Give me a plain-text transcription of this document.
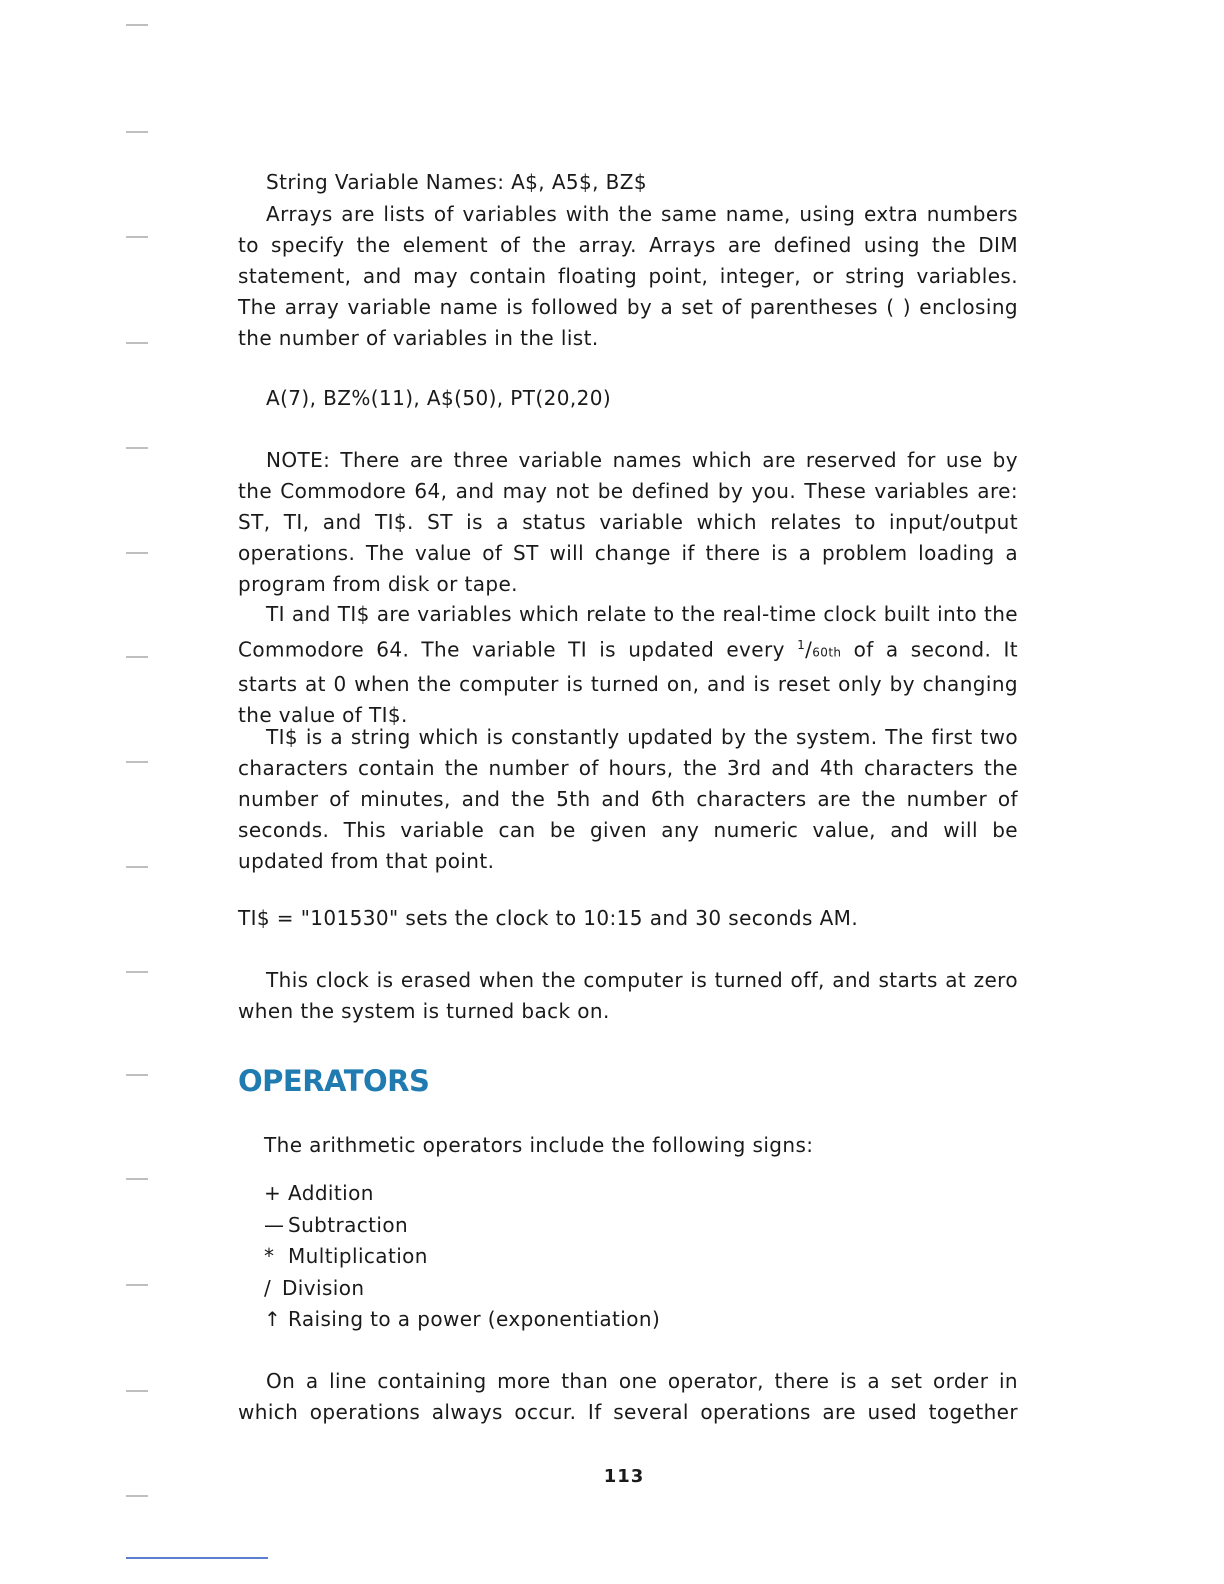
String Variable Names: A$, A5$, BZ$

Arrays are lists of variables with the same name, using extra numbers to specify the element of the array. Arrays are defined using the DIM statement, and may contain floating point, integer, or string variables. The array variable name is followed by a set of parentheses ( ) enclosing the number of variables in the list.

A(7), BZ%(11), A$(50), PT(20,20)

NOTE: There are three variable names which are reserved for use by the Commodore 64, and may not be defined by you. These variables are: ST, TI, and TI$. ST is a status variable which relates to input/output operations. The value of ST will change if there is a problem loading a program from disk or tape.

TI and TI$ are variables which relate to the real-time clock built into the Commodore 64. The variable TI is updated every $^1$/60th of a second. It starts at 0 when the computer is turned on, and is reset only by changing the value of TI$.

TI$ is a string which is constantly updated by the system. The first two characters contain the number of hours, the 3rd and 4th characters the number of minutes, and the 5th and 6th characters are the number of seconds. This variable can be given any numeric value, and will be updated from that point.

TI$ = "101530" sets the clock to 10:15 and 30 seconds AM.

This clock is erased when the computer is turned off, and starts at zero when the system is turned back on.

OPERATORS

The arithmetic operators include the following signs:

+ Addition
— Subtraction
* Multiplication
/ Division
↑ Raising to a power (exponentiation)

On a line containing more than one operator, there is a set order in which operations always occur. If several operations are used together

113
